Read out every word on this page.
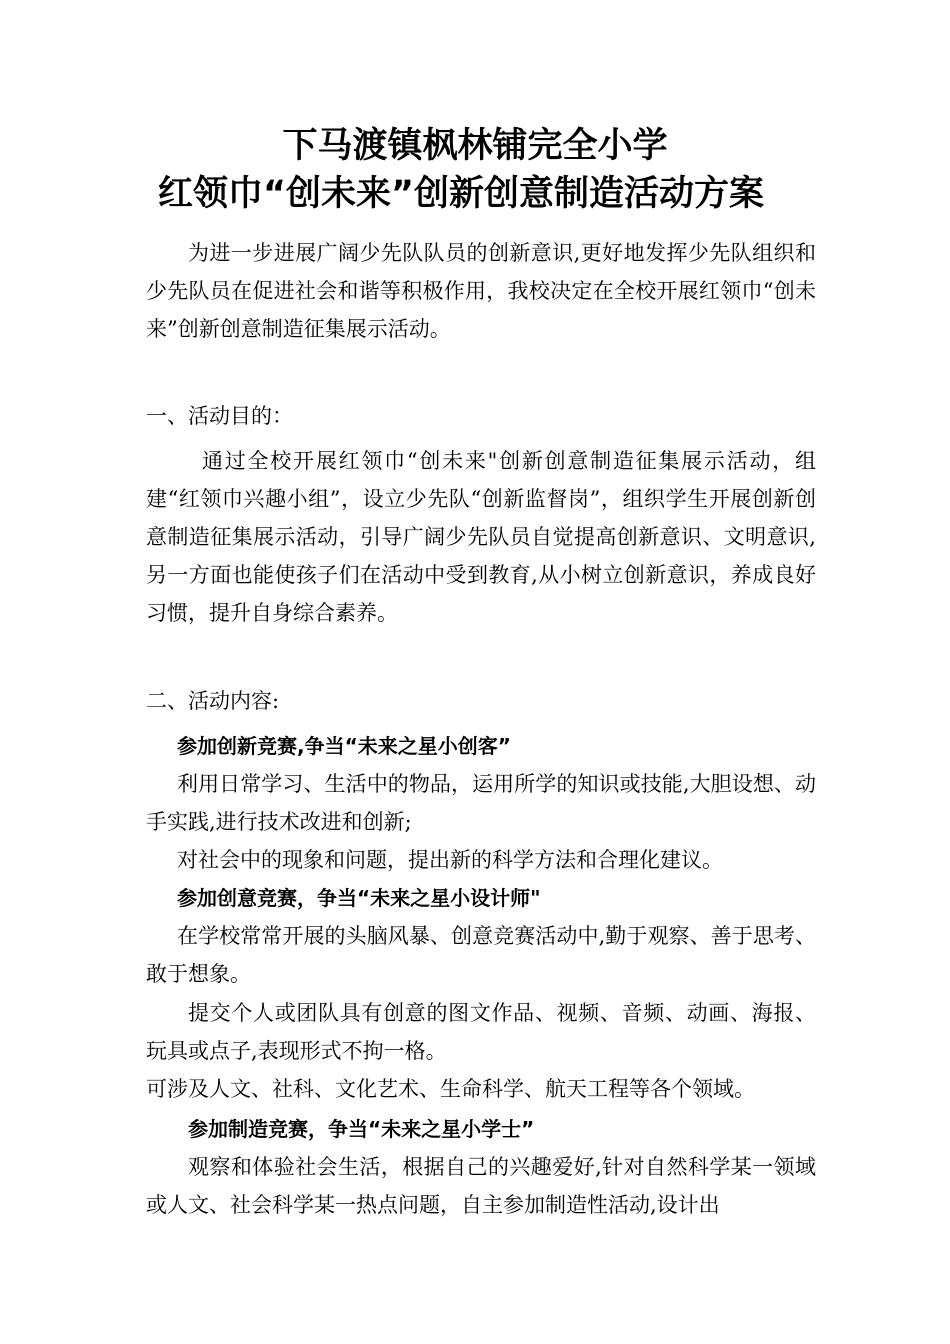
下马渡镇枫林铺完全小学
红领巾“创未来”创新创意制造活动方案

为进一步进展广阔少先队队员的创新意识,更好地发挥少先队组织和少先队员在促进社会和谐等积极作用，我校决定在全校开展红领巾“创未来”创新创意制造征集展示活动。

一、活动目的：

通过全校开展红领巾“创未来"创新创意制造征集展示活动，组建“红领巾兴趣小组”，设立少先队“创新监督岗”，组织学生开展创新创意制造征集展示活动，引导广阔少先队员自觉提高创新意识、文明意识,另一方面也能使孩子们在活动中受到教育,从小树立创新意识，养成良好习惯，提升自身综合素养。

二、活动内容:

参加创新竞赛,争当“未来之星小创客”

利用日常学习、生活中的物品，运用所学的知识或技能,大胆设想、动手实践,进行技术改进和创新;

对社会中的现象和问题，提出新的科学方法和合理化建议。

参加创意竞赛，争当“未来之星小设计师"

在学校常常开展的头脑风暴、创意竞赛活动中,勤于观察、善于思考、敢于想象。

提交个人或团队具有创意的图文作品、视频、音频、动画、海报、玩具或点子,表现形式不拘一格。

可涉及人文、社科、文化艺术、生命科学、航天工程等各个领域。

参加制造竞赛，争当“未来之星小学士”

观察和体验社会生活，根据自己的兴趣爱好,针对自然科学某一领域或人文、社会科学某一热点问题，自主参加制造性活动,设计出
